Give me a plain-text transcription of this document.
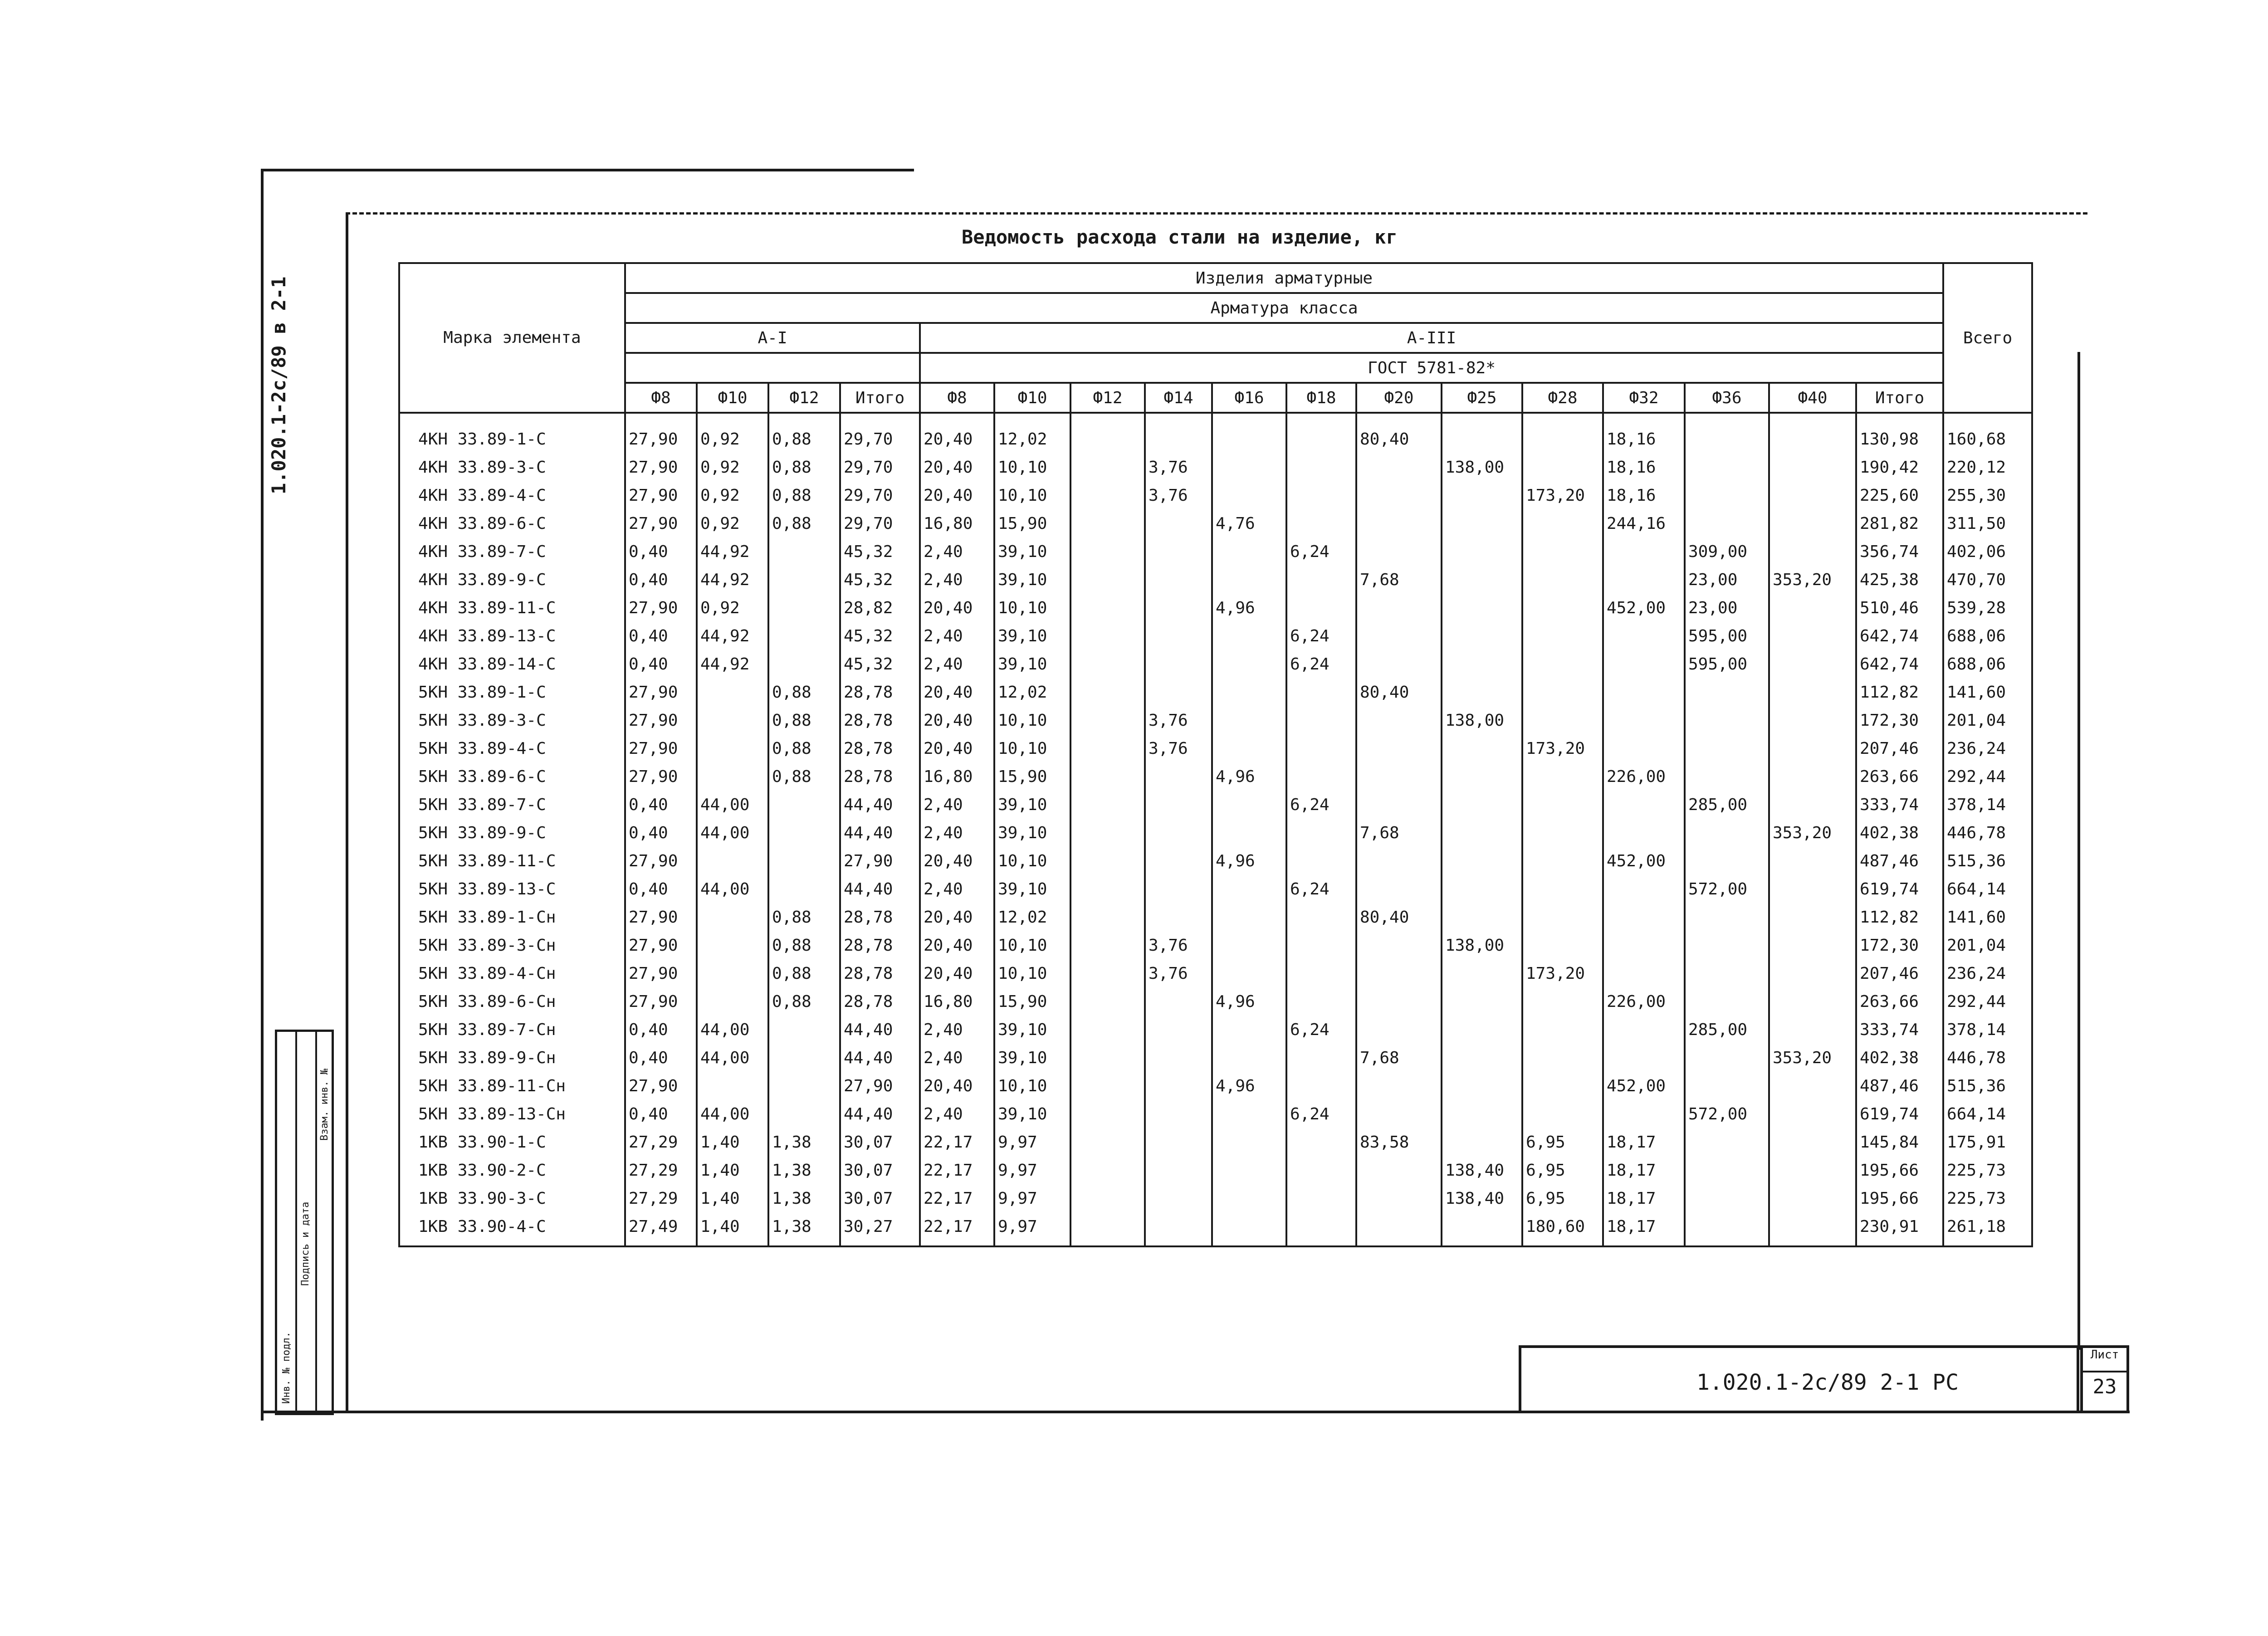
Ведомость расхода стали на изделие, кг
1.020.1-2с/89 в 2-1	Марка элемента	Изделия арматурные																	Всего
	Арматура класса																	
	А-I				А-III													
					ГОСТ 5781-82*													
	Ф8	Ф10	Ф12	Итого	Ф8	Ф10	Ф12	Ф14	Ф16	Ф18	Ф20	Ф25	Ф28	Ф32	Ф36	Ф40	Итого	
4КН 33.89-1-С	27,90	0,92	0,88	29,70	20,40	12,02					80,40			18,16			130,98	160,68
4КН 33.89-3-С	27,90	0,92	0,88	29,70	20,40	10,10		3,76				138,00		18,16			190,42	220,12
4КН 33.89-4-С	27,90	0,92	0,88	29,70	20,40	10,10		3,76					173,20	18,16			225,60	255,30
4КН 33.89-6-С	27,90	0,92	0,88	29,70	16,80	15,90			4,76					244,16			281,82	311,50
4КН 33.89-7-С	0,40	44,92		45,32	2,40	39,10				6,24					309,00		356,74	402,06
4КН 33.89-9-С	0,40	44,92		45,32	2,40	39,10					7,68				23,00	353,20	425,38	470,70
4КН 33.89-11-С	27,90	0,92		28,82	20,40	10,10			4,96					452,00	23,00		510,46	539,28
4КН 33.89-13-С	0,40	44,92		45,32	2,40	39,10				6,24					595,00		642,74	688,06
4КН 33.89-14-С	0,40	44,92		45,32	2,40	39,10				6,24					595,00		642,74	688,06
5КН 33.89-1-С	27,90		0,88	28,78	20,40	12,02					80,40						112,82	141,60
5КН 33.89-3-С	27,90		0,88	28,78	20,40	10,10		3,76				138,00					172,30	201,04
5КН 33.89-4-С	27,90		0,88	28,78	20,40	10,10		3,76					173,20				207,46	236,24
5КН 33.89-6-С	27,90		0,88	28,78	16,80	15,90			4,96					226,00			263,66	292,44
5КН 33.89-7-С	0,40	44,00		44,40	2,40	39,10				6,24					285,00		333,74	378,14
5КН 33.89-9-С	0,40	44,00		44,40	2,40	39,10					7,68					353,20	402,38	446,78
5КН 33.89-11-С	27,90			27,90	20,40	10,10			4,96					452,00			487,46	515,36
5КН 33.89-13-С	0,40	44,00		44,40	2,40	39,10				6,24					572,00		619,74	664,14
5КН 33.89-1-Сн	27,90		0,88	28,78	20,40	12,02					80,40						112,82	141,60
5КН 33.89-3-Сн	27,90		0,88	28,78	20,40	10,10		3,76				138,00					172,30	201,04
5КН 33.89-4-Сн	27,90		0,88	28,78	20,40	10,10		3,76					173,20				207,46	236,24
5КН 33.89-6-Сн	27,90		0,88	28,78	16,80	15,90			4,96					226,00			263,66	292,44
5КН 33.89-7-Сн	0,40	44,00		44,40	2,40	39,10				6,24					285,00		333,74	378,14
5КН 33.89-9-Сн	0,40	44,00		44,40	2,40	39,10					7,68					353,20	402,38	446,78
5КН 33.89-11-Сн	27,90			27,90	20,40	10,10			4,96					452,00			487,46	515,36
5КН 33.89-13-Сн	0,40	44,00		44,40	2,40	39,10				6,24					572,00		619,74	664,14
1КВ 33.90-1-С	27,29	1,40	1,38	30,07	22,17	9,97					83,58		6,95	18,17			145,84	175,91
1КВ 33.90-2-С	27,29	1,40	1,38	30,07	22,17	9,97						138,40	6,95	18,17			195,66	225,73
1КВ 33.90-3-С	27,29	1,40	1,38	30,07	22,17	9,97						138,40	6,95	18,17			195,66	225,73
1КВ 33.90-4-С	27,49	1,40	1,38	30,27	22,17	9,97							180,60	18,17			230,91	261,18
Инв. № подл.
Подпись и дата
Взам. инв. №
1.020.1-2с/89 2-1 РС
Лист
23
